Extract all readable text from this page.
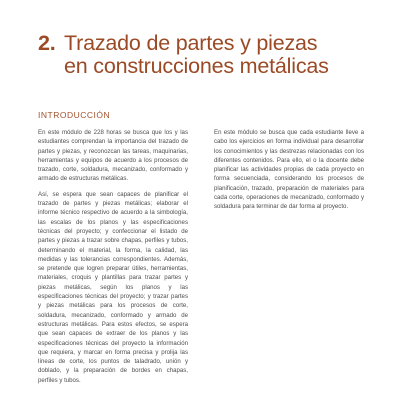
2. Trazado de partes y piezas
en construcciones metálicas
INTRODUCCIÓN

En este módulo de 228 horas se busca que los y las estudiantes comprendan la importancia del trazado de partes y piezas, y reconozcan las tareas, maquinarias, herramientas y equipos de acuerdo a los procesos de trazado, corte, soldadura, mecanizado, conformado y armado de estructuras metálicas.

Así, se espera que sean capaces de planificar el trazado de partes y piezas metálicas; elaborar el informe técnico respectivo de acuerdo a la simbología, las escalas de los planos y las especificaciones técnicas del proyecto; y confeccionar el listado de partes y piezas a trazar sobre chapas, perfiles y tubos, determinando el material, la forma, la calidad, las medidas y las tolerancias correspondientes. Además, se pretende que logren preparar útiles, herramientas, materiales, croquis y plantillas para trazar partes y piezas metálicas, según los planos y las especificaciones técnicas del proyecto; y trazar partes y piezas metálicas para los procesos de corte, soldadura, mecanizado, conformado y armado de estructuras metálicas. Para estos efectos, se espera que sean capaces de extraer de los planos y las especificaciones técnicas del proyecto la información que requiera, y marcar en forma precisa y prolija las líneas de corte, los puntos de taladrado, unión y doblado, y la preparación de bordes en chapas, perfiles y tubos.

En este módulo se busca que cada estudiante lleve a cabo los ejercicios en forma individual para desarrollar los conocimientos y las destrezas relacionadas con los diferentes contenidos. Para ello, el o la docente debe planificar las actividades propias de cada proyecto en forma secuenciada, considerando los procesos de planificación, trazado, preparación de materiales para cada corte, operaciones de mecanizado, conformado y soldadura para terminar de dar forma al proyecto.
